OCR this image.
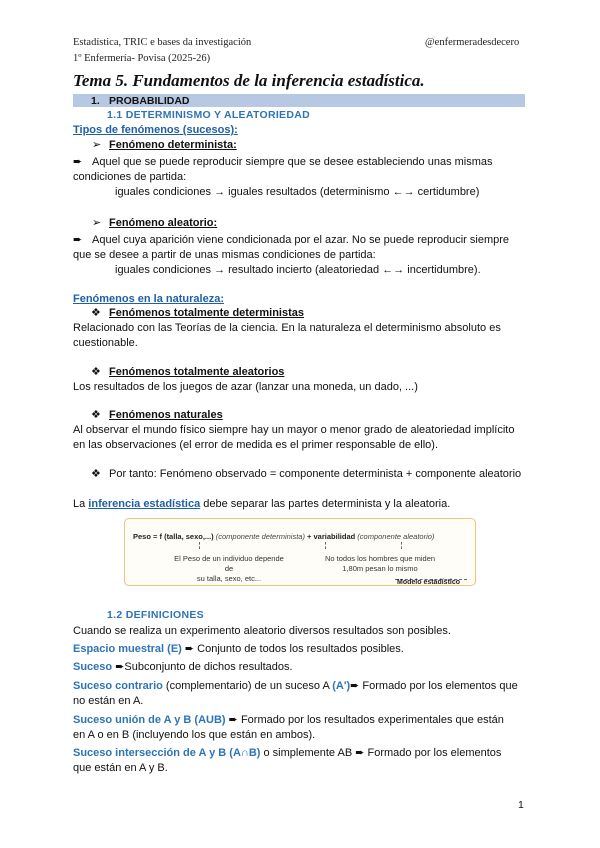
Estadística, TRIC e bases da investigación
1º Enfermería- Povisa (2025-26)
@enfermeradesdecero
Tema 5. Fundamentos de la inferencia estadística.
1. PROBABILIDAD
1.1 DETERMINISMO Y ALEATORIEDAD
Tipos de fenómenos (sucesos):
➢ Fenómeno determinista:
➨ Aquel que se puede reproducir siempre que se desee estableciendo unas mismas
condiciones de partida:
iguales condiciones → iguales resultados (determinismo ←→ certidumbre)
➢ Fenómeno aleatorio:
➨ Aquel cuya aparición viene condicionada por el azar. No se puede reproducir siempre
que se desee a partir de unas mismas condiciones de partida:
iguales condiciones → resultado incierto (aleatoriedad ←→ incertidumbre).
Fenómenos en la naturaleza:
❖ Fenómenos totalmente deterministas
Relacionado con las Teorías de la ciencia. En la naturaleza el determinismo absoluto es
cuestionable.
❖ Fenómenos totalmente aleatorios
Los resultados de los juegos de azar (lanzar una moneda, un dado, ...)
❖ Fenómenos naturales
Al observar el mundo físico siempre hay un mayor o menor grado de aleatoriedad implícito
en las observaciones (el error de medida es el primer responsable de ello).
❖ Por tanto: Fenómeno observado = componente determinista + componente aleatorio
La inferencia estadística debe separar las partes determinista y la aleatoria.
Peso = f (talla, sexo,...) (componente determinista) + variabilidad (componente aleatorio)
El Peso de un individuo depende de
su talla, sexo, etc...
No todos los hombres que miden
1,80m pesan lo mismo
Modelo estadístico
1.2 DEFINICIONES
Cuando se realiza un experimento aleatorio diversos resultados son posibles.
Espacio muestral (E) ➨ Conjunto de todos los resultados posibles.
Suceso ➨Subconjunto de dichos resultados.
Suceso contrario (complementario) de un suceso A (A')➨ Formado por los elementos que
no están en A.
Suceso unión de A y B (AUB) ➨ Formado por los resultados experimentales que están
en A o en B (incluyendo los que están en ambos).
Suceso intersección de A y B (A∩B) o simplemente AB ➨ Formado por los elementos
que están en A y B.
1
